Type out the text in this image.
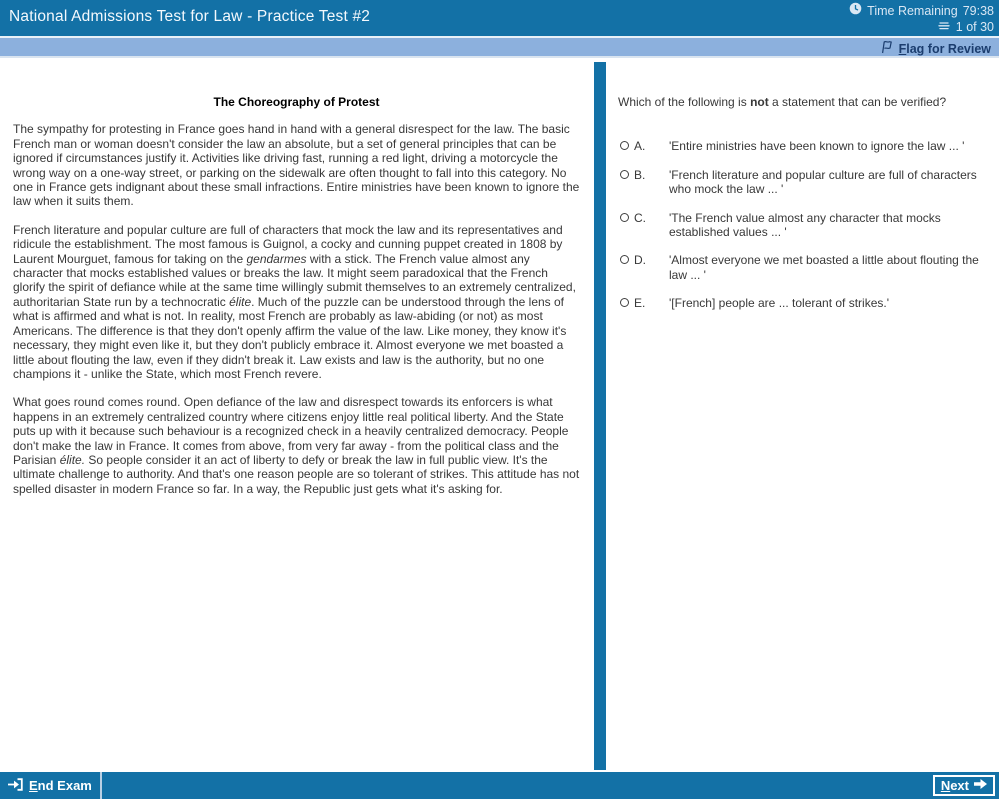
National Admissions Test for Law - Practice Test #2	Time Remaining 79:38
1 of 30
Flag for Review
The Choreography of Protest

The sympathy for protesting in France goes hand in hand with a general disrespect for the law. The basic French man or woman doesn't consider the law an absolute, but a set of general principles that can be ignored if circumstances justify it. Activities like driving fast, running a red light, driving a motorcycle the wrong way on a one-way street, or parking on the sidewalk are often thought to fall into this category. No one in France gets indignant about these small infractions. Entire ministries have been known to ignore the law when it suits them.

French literature and popular culture are full of characters that mock the law and its representatives and ridicule the establishment. The most famous is Guignol, a cocky and cunning puppet created in 1808 by Laurent Mourguet, famous for taking on the gendarmes with a stick. The French value almost any character that mocks established values or breaks the law. It might seem paradoxical that the French glorify the spirit of defiance while at the same time willingly submit themselves to an extremely centralized, authoritarian State run by a technocratic élite. Much of the puzzle can be understood through the lens of what is affirmed and what is not. In reality, most French are probably as law-abiding (or not) as most Americans. The difference is that they don't openly affirm the value of the law. Like money, they know it's necessary, they might even like it, but they don't publicly embrace it. Almost everyone we met boasted a little about flouting the law, even if they didn't break it. Law exists and law is the authority, but no one champions it - unlike the State, which most French revere.

What goes round comes round. Open defiance of the law and disrespect towards its enforcers is what happens in an extremely centralized country where citizens enjoy little real political liberty. And the State puts up with it because such behaviour is a recognized check in a heavily centralized democracy. People don't make the law in France. It comes from above, from very far away - from the political class and the Parisian élite. So people consider it an act of liberty to defy or break the law in full public view. It's the ultimate challenge to authority. And that's one reason people are so tolerant of strikes. This attitude has not spelled disaster in modern France so far. In a way, the Republic just gets what it's asking for.

Which of the following is not a statement that can be verified?
A.	'Entire ministries have been known to ignore the law ... '
B.	'French literature and popular culture are full of characters who mock the law ... '
C.	'The French value almost any character that mocks established values ... '
D.	'Almost everyone we met boasted a little about flouting the law ... '
E.	'[French] people are ... tolerant of strikes.'
End Exam	Next
